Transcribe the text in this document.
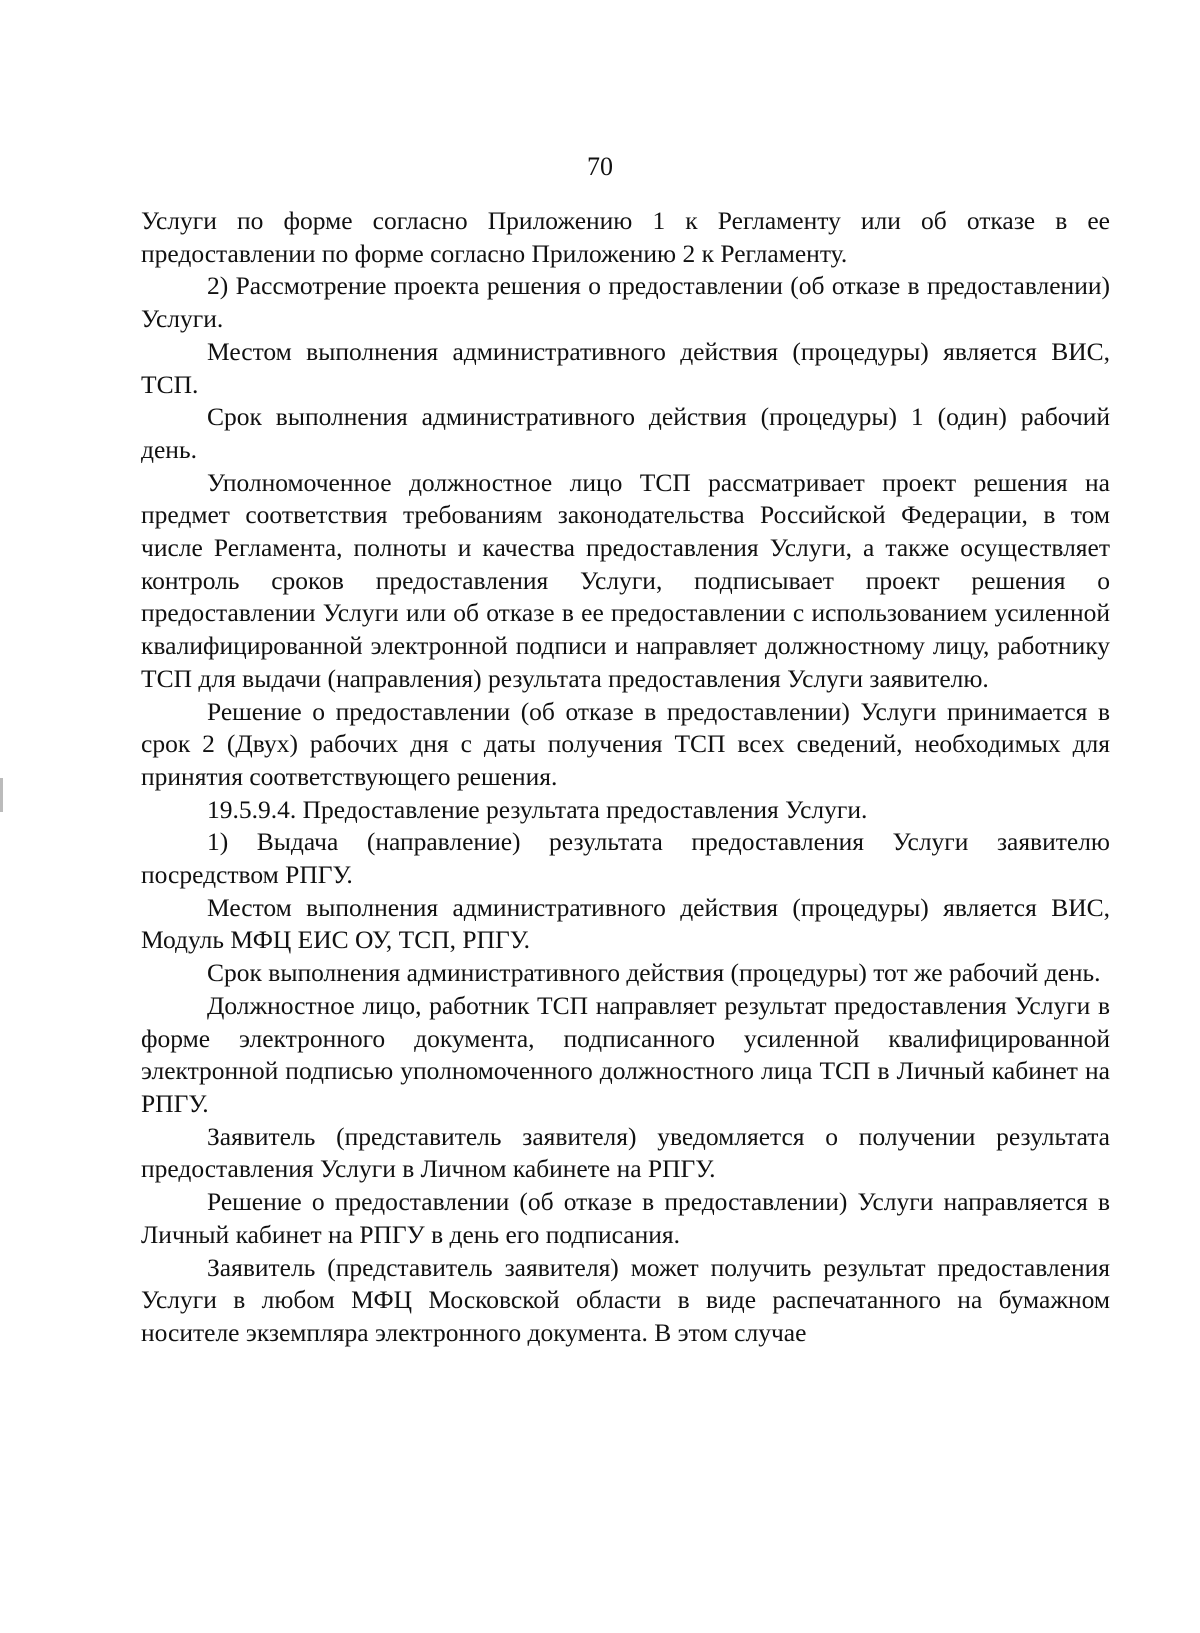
70

Услуги по форме согласно Приложению 1 к Регламенту или об отказе в ее предоставлении по форме согласно Приложению 2 к Регламенту.

2) Рассмотрение проекта решения о предоставлении (об отказе в предоставлении) Услуги.

Местом выполнения административного действия (процедуры) является ВИС, ТСП.

Срок выполнения административного действия (процедуры) 1 (один) рабочий день.

Уполномоченное должностное лицо ТСП рассматривает проект решения на предмет соответствия требованиям законодательства Российской Федерации, в том числе Регламента, полноты и качества предоставления Услуги, а также осуществляет контроль сроков предоставления Услуги, подписывает проект решения о предоставлении Услуги или об отказе в ее предоставлении с использованием усиленной квалифицированной электронной подписи и направляет должностному лицу, работнику ТСП для выдачи (направления) результата предоставления Услуги заявителю.

Решение о предоставлении (об отказе в предоставлении) Услуги принимается в срок 2 (Двух) рабочих дня с даты получения ТСП всех сведений, необходимых для принятия соответствующего решения.

19.5.9.4. Предоставление результата предоставления Услуги.

1) Выдача (направление) результата предоставления Услуги заявителю посредством РПГУ.

Местом выполнения административного действия (процедуры) является ВИС, Модуль МФЦ ЕИС ОУ, ТСП, РПГУ.

Срок выполнения административного действия (процедуры) тот же рабочий день.

Должностное лицо, работник ТСП направляет результат предоставления Услуги в форме электронного документа, подписанного усиленной квалифицированной электронной подписью уполномоченного должностного лица ТСП в Личный кабинет на РПГУ.

Заявитель (представитель заявителя) уведомляется о получении результата предоставления Услуги в Личном кабинете на РПГУ.

Решение о предоставлении (об отказе в предоставлении) Услуги направляется в Личный кабинет на РПГУ в день его подписания.

Заявитель (представитель заявителя) может получить результат предоставления Услуги в любом МФЦ Московской области в виде распечатанного на бумажном носителе экземпляра электронного документа. В этом случае
